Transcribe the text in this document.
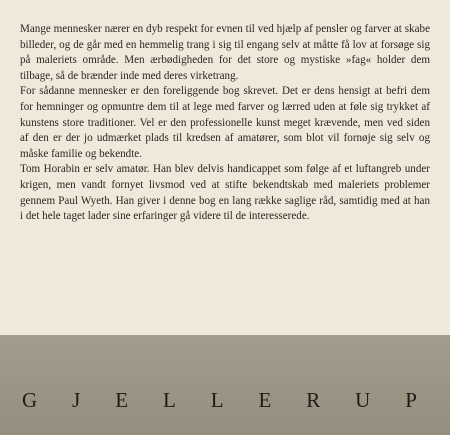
Mange mennesker nærer en dyb respekt for evnen til ved hjælp af pensler og farver at skabe billeder, og de går med en hemmelig trang i sig til engang selv at måtte få lov at forsøge sig på maleriets område. Men ærbødigheden for det store og mystiske »fag« holder dem tilbage, så de brænder inde med deres virketrang.

For sådanne mennesker er den foreliggende bog skrevet. Det er dens hensigt at befri dem for hemninger og opmuntre dem til at lege med farver og lærred uden at føle sig trykket af kunstens store traditioner. Vel er den professionelle kunst meget krævende, men ved siden af den er der jo udmærket plads til kredsen af amatører, som blot vil fornøje sig selv og måske familie og bekendte.

Tom Horabin er selv amatør. Han blev delvis handicappet som følge af et luftangreb under krigen, men vandt fornyet livsmod ved at stifte bekendtskab med maleriets problemer gennem Paul Wyeth. Han giver i denne bog en lang række saglige råd, samtidig med at han i det hele taget lader sine erfaringer gå videre til de interesserede.

G J E L L E R U P
